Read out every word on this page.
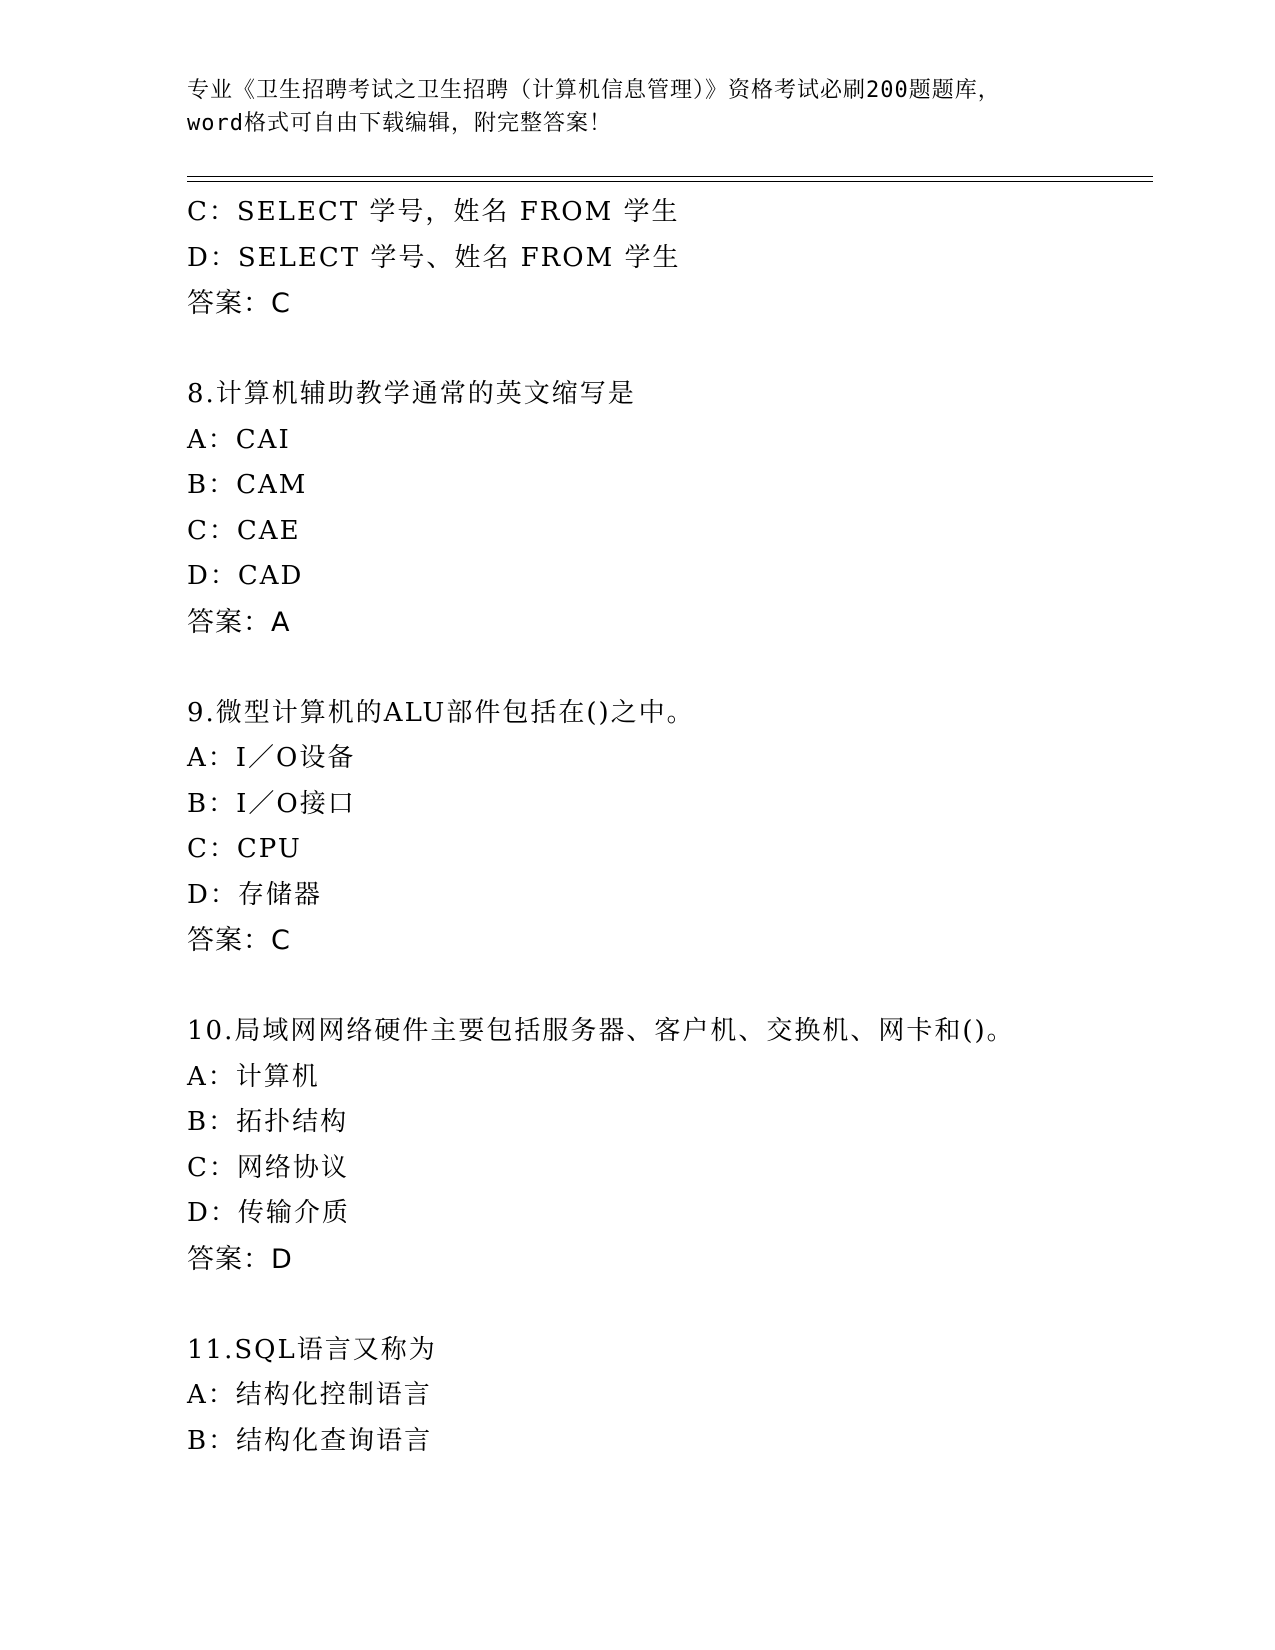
专业《卫生招聘考试之卫生招聘（计算机信息管理）》资格考试必刷200题题库，
word格式可自由下载编辑，附完整答案！
C：SELECT 学号，姓名 FROM 学生
D：SELECT 学号、姓名 FROM 学生
答案：C
8.计算机辅助教学通常的英文缩写是
A：CAI
B：CAM
C：CAE
D：CAD
答案：A
9.微型计算机的ALU部件包括在()之中。
A：I／O设备
B：I／O接口
C：CPU
D：存储器
答案：C
10.局域网网络硬件主要包括服务器、客户机、交换机、网卡和()。
A：计算机
B：拓扑结构
C：网络协议
D：传输介质
答案：D
11.SQL语言又称为
A：结构化控制语言
B：结构化查询语言
